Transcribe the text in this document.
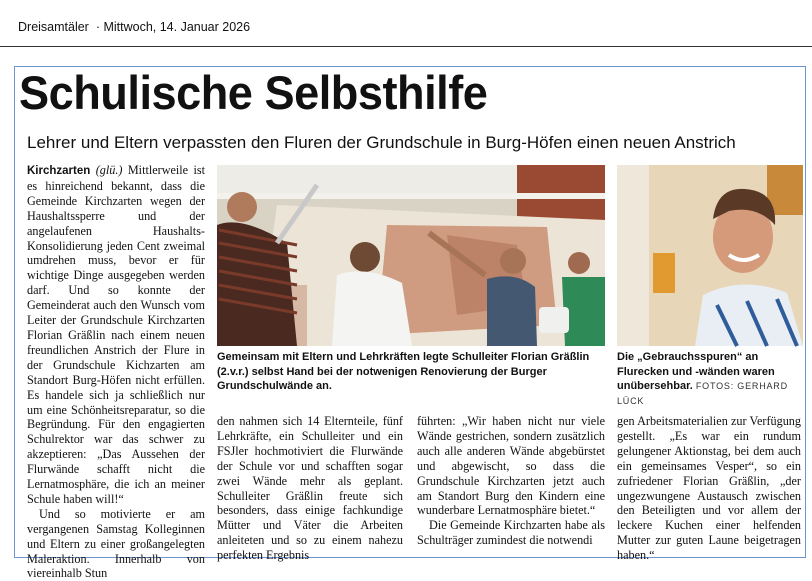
Dreisamtäler · Mittwoch, 14. Januar 2026
Schulische Selbsthilfe
Lehrer und Eltern verpassten den Fluren der Grundschule in Burg-Höfen einen neuen Anstrich

Kirchzarten (glü.) Mittlerweile ist es hinreichend bekannt, dass die Gemeinde Kirchzarten wegen der Haushaltssperre und der angelaufenen Haushalts-Konsolidierung jeden Cent zweimal umdrehen muss, bevor er für wichtige Dinge ausgegeben werden darf. Und so konnte der Gemeinderat auch den Wunsch vom Leiter der Grundschule Kirchzarten Florian Gräßlin nach einem neuen freundlichen Anstrich der Flure in der Grundschule Kichzarten am Standort Burg-Höfen nicht erfüllen. Es handele sich ja schließlich nur um eine Schönheitsreparatur, so die Begründung. Für den engagierten Schulrektor war das schwer zu akzeptieren: „Das Aussehen der Flurwände schafft nicht die Lernatmosphäre, die ich an meiner Schule haben will!“

Und so motivierte er am vergangenen Samstag Kolleginnen und Eltern zu einer großangelegten Maleraktion. Innerhalb von viereinhalb Stun

Gemeinsam mit Eltern und Lehrkräften legte Schulleiter Florian Gräßlin (2.v.r.) selbst Hand bei der notwenigen Renovierung der Burger Grundschulwände an.
Die „Gebrauchsspuren“ an Flurecken und -wänden waren unübersehbar. FOTOS: GERHARD LÜCK

den nahmen sich 14 Elternteile, fünf Lehrkräfte, ein Schulleiter und ein FSJler hochmotiviert die Flurwände der Schule vor und schafften sogar zwei Wände mehr als geplant. Schulleiter Gräßlin freute sich besonders, dass einige fachkundige Mütter und Väter die Arbeiten anleiteten und so zu einem nahezu perfekten Ergebnis

führten: „Wir haben nicht nur viele Wände gestrichen, sondern zusätzlich auch alle anderen Wände abgebürstet und abgewischt, so dass die Grundschule Kirchzarten jetzt auch am Standort Burg den Kindern eine wunderbare Lernatmosphäre bietet.“

Die Gemeinde Kirchzarten habe als Schulträger zumindest die notwendi

gen Arbeitsmaterialien zur Verfügung gestellt. „Es war ein rundum gelungener Aktionstag, bei dem auch ein gemeinsames Vesper“, so ein zufriedener Florian Gräßlin, „der ungezwungene Austausch zwischen den Beteiligten und vor allem der leckere Kuchen einer helfenden Mutter zur guten Laune beigetragen haben.“
